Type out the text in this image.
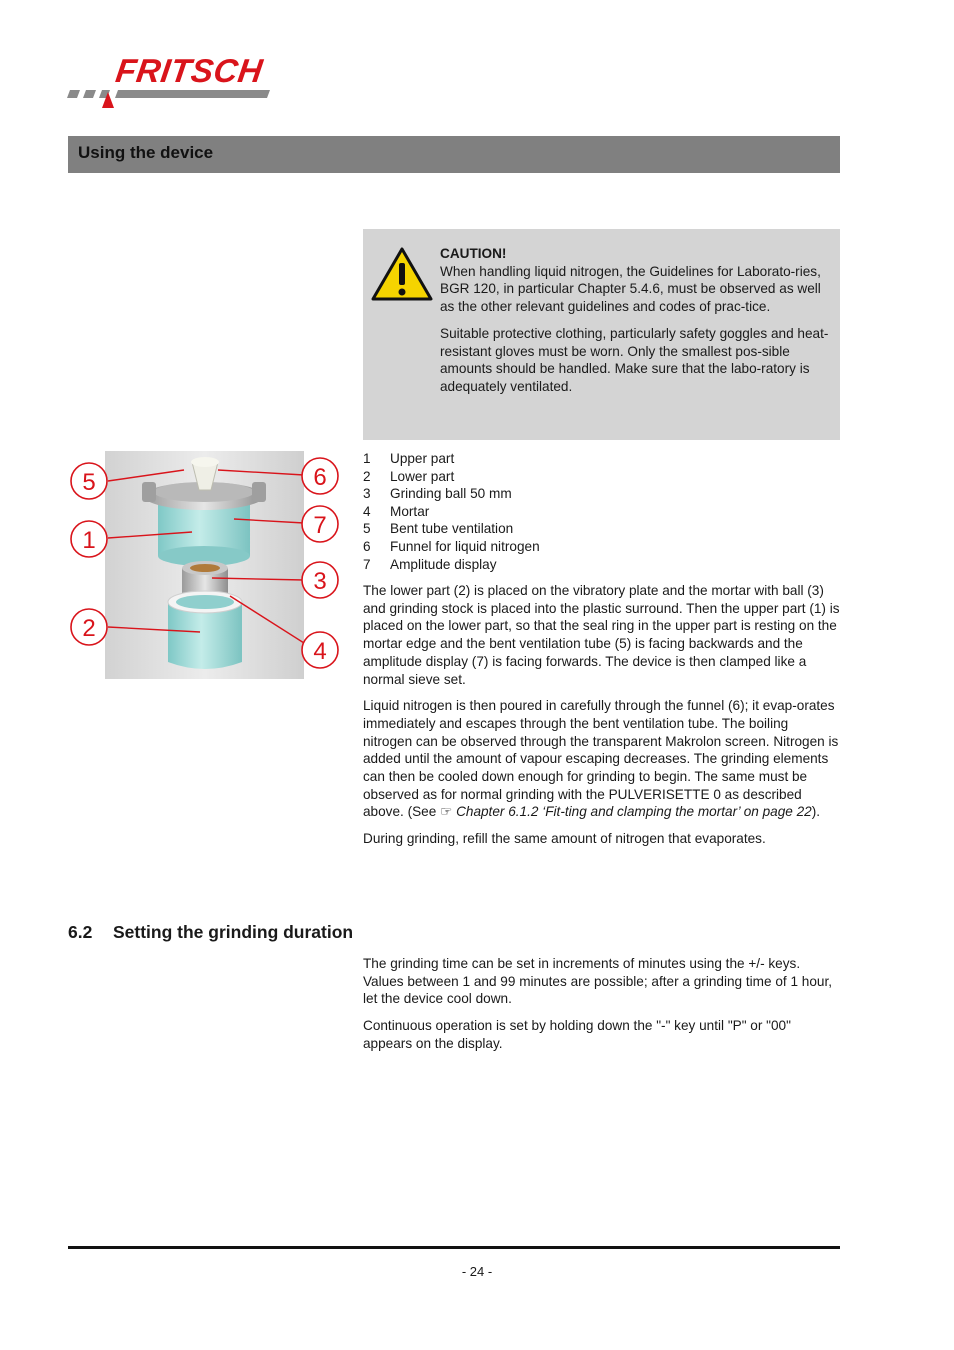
FRITSCH
Using the device
CAUTION!

When handling liquid nitrogen, the Guidelines for Laborato-ries, BGR 120, in particular Chapter 5.4.6, must be observed as well as the other relevant guidelines and codes of prac-tice.

Suitable protective clothing, particularly safety goggles and heat-resistant gloves must be worn. Only the smallest pos-sible amounts should be handled. Make sure that the labo-ratory is adequately ventilated.

5	6
1
7
3
2
4
1	Upper part
2	Lower part
3	Grinding ball 50 mm
4	Mortar
5	Bent tube ventilation
6	Funnel for liquid nitrogen
7	Amplitude display

The lower part (2) is placed on the vibratory plate and the mortar with ball (3) and grinding stock is placed into the plastic surround. Then the upper part (1) is placed on the lower part, so that the seal ring in the upper part is resting on the mortar edge and the bent ventilation tube (5) is facing backwards and the amplitude display (7) is facing forwards. The device is then clamped like a normal sieve set.

Liquid nitrogen is then poured in carefully through the funnel (6); it evap-orates immediately and escapes through the bent ventilation tube. The boiling nitrogen can be observed through the transparent Makrolon screen. Nitrogen is added until the amount of vapour escaping decreases. The grinding elements can then be cooled down enough for grinding to begin. The same must be observed as for normal grinding with the PULVERISETTE 0 as described above. (See ☞ Chapter 6.1.2 ‘Fit-ting and clamping the mortar’ on page 22).

During grinding, refill the same amount of nitrogen that evaporates.

6.2 Setting the grinding duration

The grinding time can be set in increments of minutes using the +/- keys. Values between 1 and 99 minutes are possible; after a grinding time of 1 hour, let the device cool down.

Continuous operation is set by holding down the "-" key until "P" or "00" appears on the display.

- 24 -
